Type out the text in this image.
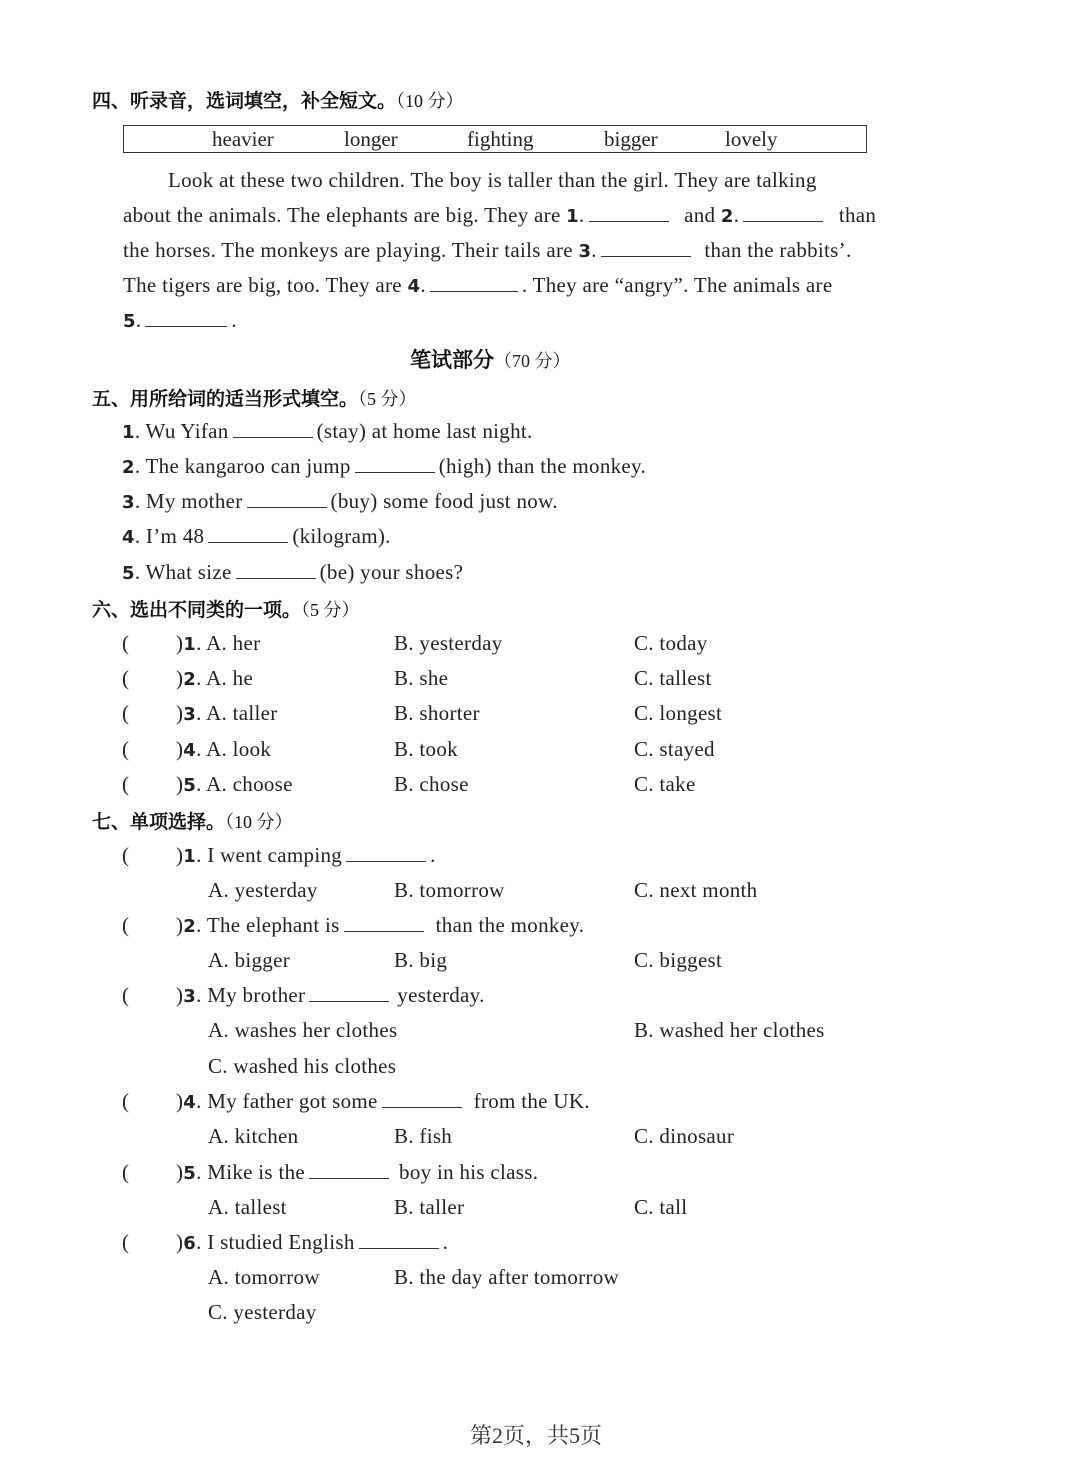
四、听录音，选词填空，补全短文。（10 分）
heavier	longer	fighting	bigger	lovely
Look at these two children. The boy is taller than the girl. They are talking
about the animals. The elephants are big. They are 1.	and 2.	than
the horses. The monkeys are playing. Their tails are 3.	than the rabbits’.
The tigers are big, too. They are 4.	. They are “angry”. The animals are
5.	.
笔试部分（70 分）
五、用所给词的适当形式填空。（5 分）
1. Wu Yifan	(stay) at home last night.
2. The kangaroo can jump	(high) than the monkey.
3. My mother	(buy) some food just now.
4. I’m 48	(kilogram).
5. What size	(be) your shoes?
六、选出不同类的一项。（5 分）
( )1. A. her	B. yesterday	C. today
( )2. A. he	B. she	C. tallest
( )3. A. taller	B. shorter	C. longest
( )4. A. look	B. took	C. stayed
( )5. A. choose	B. chose	C. take
七、单项选择。（10 分）
( )1. I went camping	.
A. yesterday	B. tomorrow	C. next month
( )2. The elephant is	than the monkey.
A. bigger	B. big	C. biggest
( )3. My brother	yesterday.
A. washes her clothes	B. washed her clothes
C. washed his clothes
( )4. My father got some	from the UK.
A. kitchen	B. fish	C. dinosaur
( )5. Mike is the	boy in his class.
A. tallest	B. taller	C. tall
( )6. I studied English	.
A. tomorrow	B. the day after tomorrow
C. yesterday
第2页，共5页
